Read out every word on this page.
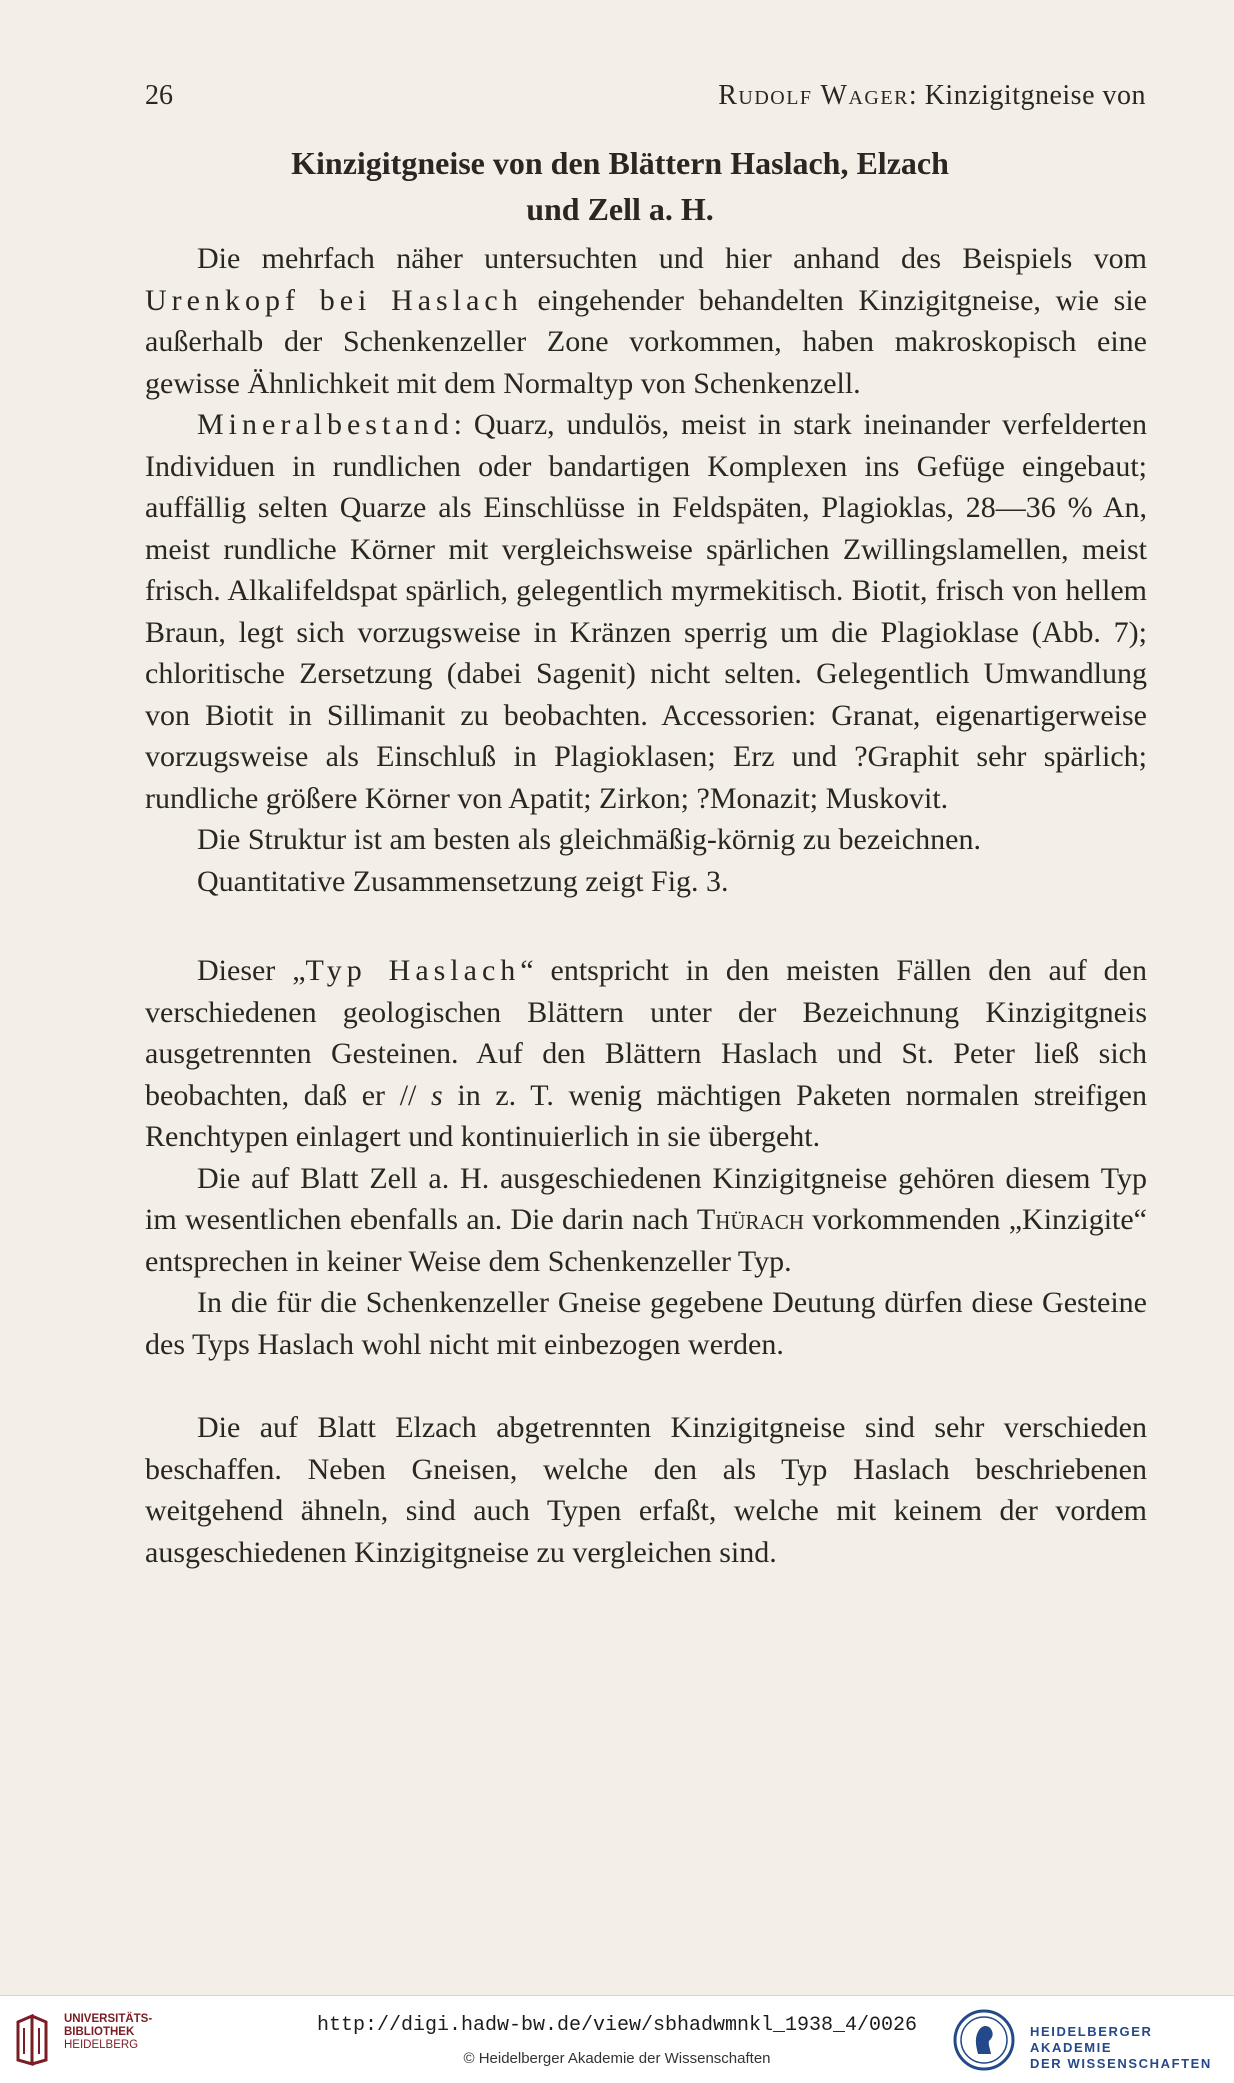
26	Rudolf Wager: Kinzigitgneise von
Kinzigitgneise von den Blättern Haslach, Elzach
und Zell a. H.

Die mehrfach näher untersuchten und hier anhand des Beispiels vom Urenkopf bei Haslach eingehender behandelten Kinzigitgneise, wie sie außerhalb der Schenkenzeller Zone vorkommen, haben makroskopisch eine gewisse Ähnlichkeit mit dem Normaltyp von Schenkenzell.

Mineralbestand: Quarz, undulös, meist in stark ineinander verfelderten Individuen in rundlichen oder bandartigen Komplexen ins Gefüge eingebaut; auffällig selten Quarze als Einschlüsse in Feldspäten, Plagioklas, 28—36 % An, meist rundliche Körner mit vergleichsweise spärlichen Zwillingslamellen, meist frisch. Alkalifeldspat spärlich, gelegentlich myrmekitisch. Biotit, frisch von hellem Braun, legt sich vorzugsweise in Kränzen sperrig um die Plagioklase (Abb. 7); chloritische Zersetzung (dabei Sagenit) nicht selten. Gelegentlich Umwandlung von Biotit in Sillimanit zu beobachten. Accessorien: Granat, eigenartigerweise vorzugsweise als Einschluß in Plagioklasen; Erz und ?Graphit sehr spärlich; rundliche größere Körner von Apatit; Zirkon; ?Monazit; Muskovit.

Die Struktur ist am besten als gleichmäßig-körnig zu bezeichnen.

Quantitative Zusammensetzung zeigt Fig. 3.

Dieser „Typ Haslach“ entspricht in den meisten Fällen den auf den verschiedenen geologischen Blättern unter der Bezeichnung Kinzigitgneis ausgetrennten Gesteinen. Auf den Blättern Haslach und St. Peter ließ sich beobachten, daß er // s in z. T. wenig mächtigen Paketen normalen streifigen Renchtypen einlagert und kontinuierlich in sie übergeht.

Die auf Blatt Zell a. H. ausgeschiedenen Kinzigitgneise gehören diesem Typ im wesentlichen ebenfalls an. Die darin nach Thürach vorkommenden „Kinzigite“ entsprechen in keiner Weise dem Schenkenzeller Typ.

In die für die Schenkenzeller Gneise gegebene Deutung dürfen diese Gesteine des Typs Haslach wohl nicht mit einbezogen werden.

Die auf Blatt Elzach abgetrennten Kinzigitgneise sind sehr verschieden beschaffen. Neben Gneisen, welche den als Typ Haslach beschriebenen weitgehend ähneln, sind auch Typen erfaßt, welche mit keinem der vordem ausgeschiedenen Kinzigitgneise zu vergleichen sind.

UNIVERSITÄTS-
BIBLIOTHEK
HEIDELBERG
http://digi.hadw-bw.de/view/sbhadwmnkl_1938_4/0026
© Heidelberger Akademie der Wissenschaften
HEIDELBERGER AKADEMIE
DER WISSENSCHAFTEN
